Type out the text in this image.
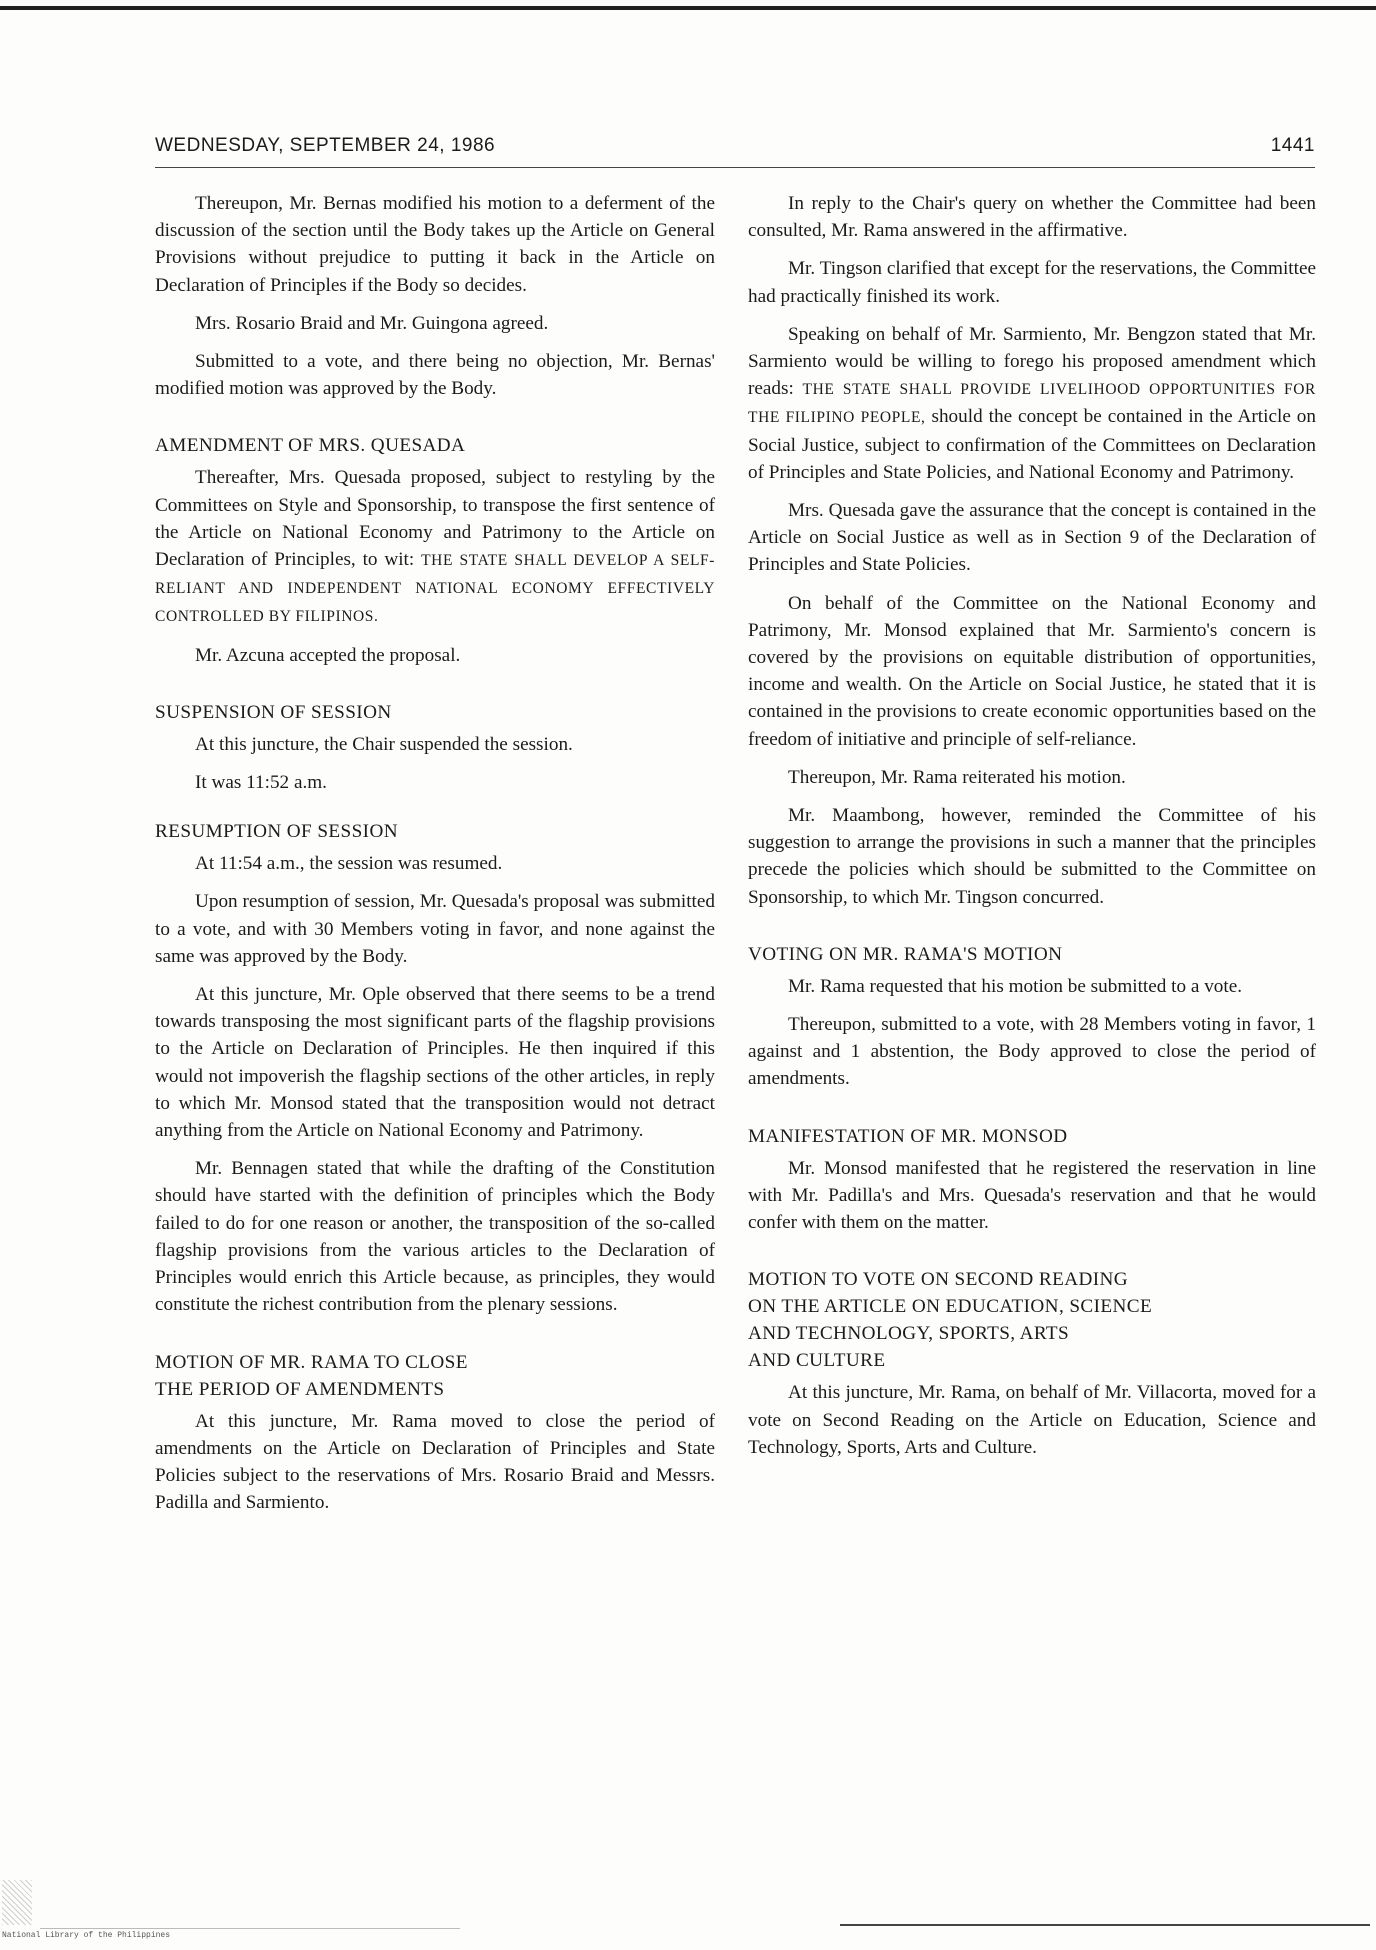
WEDNESDAY, SEPTEMBER 24, 1986	1441

Thereupon, Mr. Bernas modified his motion to a deferment of the discussion of the section until the Body takes up the Article on General Provisions without prejudice to putting it back in the Article on Declaration of Principles if the Body so decides.

Mrs. Rosario Braid and Mr. Guingona agreed.

Submitted to a vote, and there being no objection, Mr. Bernas' modified motion was approved by the Body.

AMENDMENT OF MRS. QUESADA

Thereafter, Mrs. Quesada proposed, subject to restyling by the Committees on Style and Sponsorship, to transpose the first sentence of the Article on National Economy and Patrimony to the Article on Declaration of Principles, to wit: THE STATE SHALL DEVELOP A SELF-RELIANT AND INDEPENDENT NATIONAL ECONOMY EFFECTIVELY CONTROLLED BY FILIPINOS.

Mr. Azcuna accepted the proposal.

SUSPENSION OF SESSION

At this juncture, the Chair suspended the session.

It was 11:52 a.m.

RESUMPTION OF SESSION

At 11:54 a.m., the session was resumed.

Upon resumption of session, Mr. Quesada's proposal was submitted to a vote, and with 30 Members voting in favor, and none against the same was approved by the Body.

At this juncture, Mr. Ople observed that there seems to be a trend towards transposing the most significant parts of the flagship provisions to the Article on Declaration of Principles. He then inquired if this would not impoverish the flagship sections of the other articles, in reply to which Mr. Monsod stated that the transposition would not detract anything from the Article on National Economy and Patrimony.

Mr. Bennagen stated that while the drafting of the Constitution should have started with the definition of principles which the Body failed to do for one reason or another, the transposition of the so-called flagship provisions from the various articles to the Declaration of Principles would enrich this Article because, as principles, they would constitute the richest contribution from the plenary sessions.

MOTION OF MR. RAMA TO CLOSE
THE PERIOD OF AMENDMENTS

At this juncture, Mr. Rama moved to close the period of amendments on the Article on Declaration of Principles and State Policies subject to the reservations of Mrs. Rosario Braid and Messrs. Padilla and Sarmiento.

In reply to the Chair's query on whether the Committee had been consulted, Mr. Rama answered in the affirmative.

Mr. Tingson clarified that except for the reservations, the Committee had practically finished its work.

Speaking on behalf of Mr. Sarmiento, Mr. Bengzon stated that Mr. Sarmiento would be willing to forego his proposed amendment which reads: THE STATE SHALL PROVIDE LIVELIHOOD OPPORTUNITIES FOR THE FILIPINO PEOPLE, should the concept be contained in the Article on Social Justice, subject to confirmation of the Committees on Declaration of Principles and State Policies, and National Economy and Patrimony.

Mrs. Quesada gave the assurance that the concept is contained in the Article on Social Justice as well as in Section 9 of the Declaration of Principles and State Policies.

On behalf of the Committee on the National Economy and Patrimony, Mr. Monsod explained that Mr. Sarmiento's concern is covered by the provisions on equitable distribution of opportunities, income and wealth. On the Article on Social Justice, he stated that it is contained in the provisions to create economic opportunities based on the freedom of initiative and principle of self-reliance.

Thereupon, Mr. Rama reiterated his motion.

Mr. Maambong, however, reminded the Committee of his suggestion to arrange the provisions in such a manner that the principles precede the policies which should be submitted to the Committee on Sponsorship, to which Mr. Tingson concurred.

VOTING ON MR. RAMA'S MOTION

Mr. Rama requested that his motion be submitted to a vote.

Thereupon, submitted to a vote, with 28 Members voting in favor, 1 against and 1 abstention, the Body approved to close the period of amendments.

MANIFESTATION OF MR. MONSOD

Mr. Monsod manifested that he registered the reservation in line with Mr. Padilla's and Mrs. Quesada's reservation and that he would confer with them on the matter.

MOTION TO VOTE ON SECOND READING
ON THE ARTICLE ON EDUCATION, SCIENCE
AND TECHNOLOGY, SPORTS, ARTS
AND CULTURE

At this juncture, Mr. Rama, on behalf of Mr. Villacorta, moved for a vote on Second Reading on the Article on Education, Science and Technology, Sports, Arts and Culture.

National Library of the Philippines
